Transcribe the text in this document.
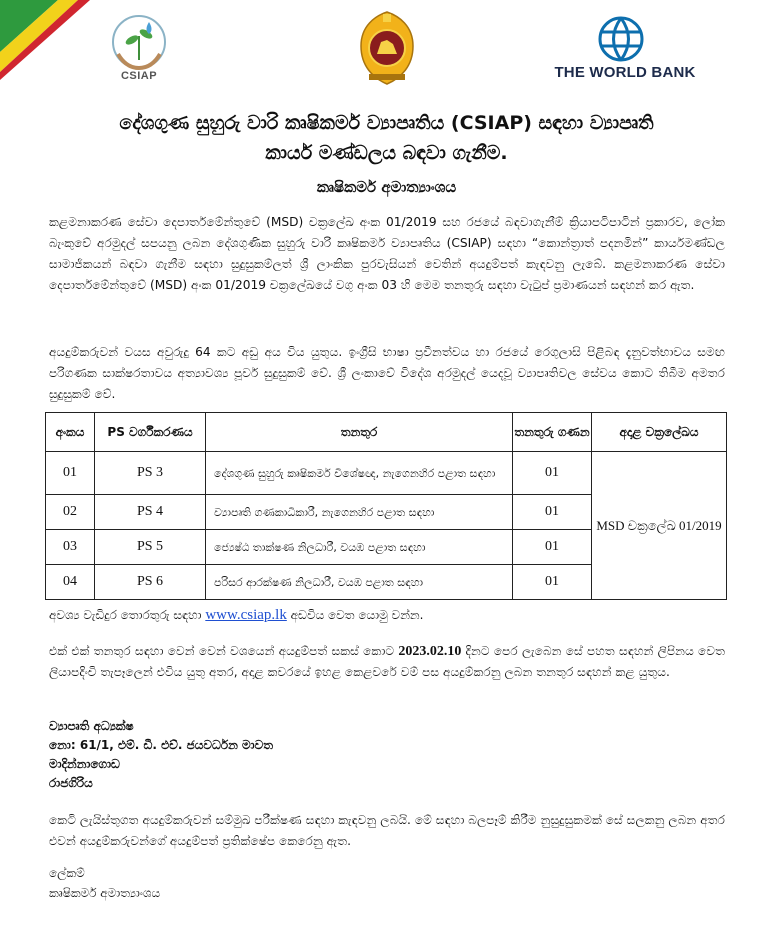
CSIAP	THE WORLD BANK
දේශගුණ සුහුරු වාරි කෘෂිකර්ම ව්‍යාපෘතිය (CSIAP) සඳහා ව්‍යාපෘති
කාර්ය මණ්ඩලය බඳවා ගැනීම.
කෘෂිකර්ම අමාත්‍යාංශය
කළමනාකරණ සේවා දෙපාර්තමේන්තුවේ (MSD) චක්‍රලේඛ අංක 01/2019 සහ රජයේ බඳවාගැනීම් ක්‍රියාපටිපාටින් ප්‍රකාරව, ලෝක බැංකුවේ අරමුදල් සපයනු ලබන දේශගුණික සුහුරු වාරි කෘෂිකර්ම ව්‍යාපෘතිය (CSIAP) සඳහා “කොන්ත්‍රාත් පදනමින්” කාර්යමණ්ඩල සාමාජිකයන් බඳවා ගැනීම සඳහා සුදුසුකම්ලත් ශ්‍රී ලාංකික පුරවැසියන් වෙතින් අයදුම්පත් කැඳවනු ලැබේ. කළමනාකරණ සේවා දෙපාර්තමේන්තුවේ (MSD) අංක 01/2019 චක්‍රලේඛයේ වගු අංක 03 හි මෙම තනතුරු සඳහා වැටුප් ප්‍රමාණයන් සඳහන් කර ඇත.
අයදුම්කරුවන් වයස අවුරුදු 64 කට අඩු අය විය යුතුය. ඉංග්‍රීසි භාෂා ප්‍රවීනත්වය හා රජයේ රෙගුලාසි පිළිබඳ දැනුවත්භාවය සමඟ පරිගණක සාක්ෂරතාවය අත්‍යාවශ්‍ය පූර්ව සුදුසුකම් වේ. ශ්‍රී ලංකාවේ විදේශ අරමුදල් යෙදවූ ව්‍යාපෘතිවල සේවය කොට තිබීම අමතර සුදුසුකම් වේ.
අංකය	PS වර්ගීකරණය	තනතුර	තනතුරු ගණන	අදාළ චක්‍රලේඛය
01	PS 3	දේශගුණ සුහුරු කෘෂිකර්ම විශේෂඥ, නැගෙනහිර පළාත සඳහා	01	MSD චක්‍රලේඛ 01/2019
02	PS 4	ව්‍යාපෘති ගණකාධිකාරී, නැගෙනහිර පළාත සඳහා	01	
03	PS 5	ජ්‍යෙෂ්ඨ තාක්ෂණ නිලධාරී, වයඹ පළාත සඳහා	01	
04	PS 6	පරිසර ආරක්ෂණ නිලධාරී, වයඹ පළාත සඳහා	01	
අවශ්‍ය වැඩිදුර තොරතුරු සඳහා www.csiap.lk අඩවිය වෙත යොමු වන්න.
එක් එක් තනතුර සඳහා වෙන් වෙන් වශයෙන් අයදුම්පත් සකස් කොට 2023.02.10 දිනට පෙර ලැබෙන සේ පහත සඳහන් ලිපිනය වෙත ලියාපදිංචි තැපෑලෙන් එවිය යුතු අතර, අදාළ කවරයේ ඉහළ කෙළවරේ වම් පස අයදුම්කරනු ලබන තනතුර සඳහන් කළ යුතුය.
ව්‍යාපෘති අධ්‍යක්ෂ
නො: 61/1, එම්. ඩී. එච්. ජයවර්ධන මාවත
මාදින්නාගොඩ
රාජගිරිය
කෙටි ලැයිස්තුගත අයදුම්කරුවන් සම්මුඛ පරීක්ෂණ සඳහා කැඳවනු ලබයි. මේ සඳහා බලපෑම් කිරීම නුසුදුසුකමක් සේ සලකනු ලබන අතර එවන් අයදුම්කරුවන්ගේ අයදුම්පත් ප්‍රතික්ෂේප කෙරෙනු ඇත.
ලේකම්
කෘෂිකර්ම අමාත්‍යාංශය
